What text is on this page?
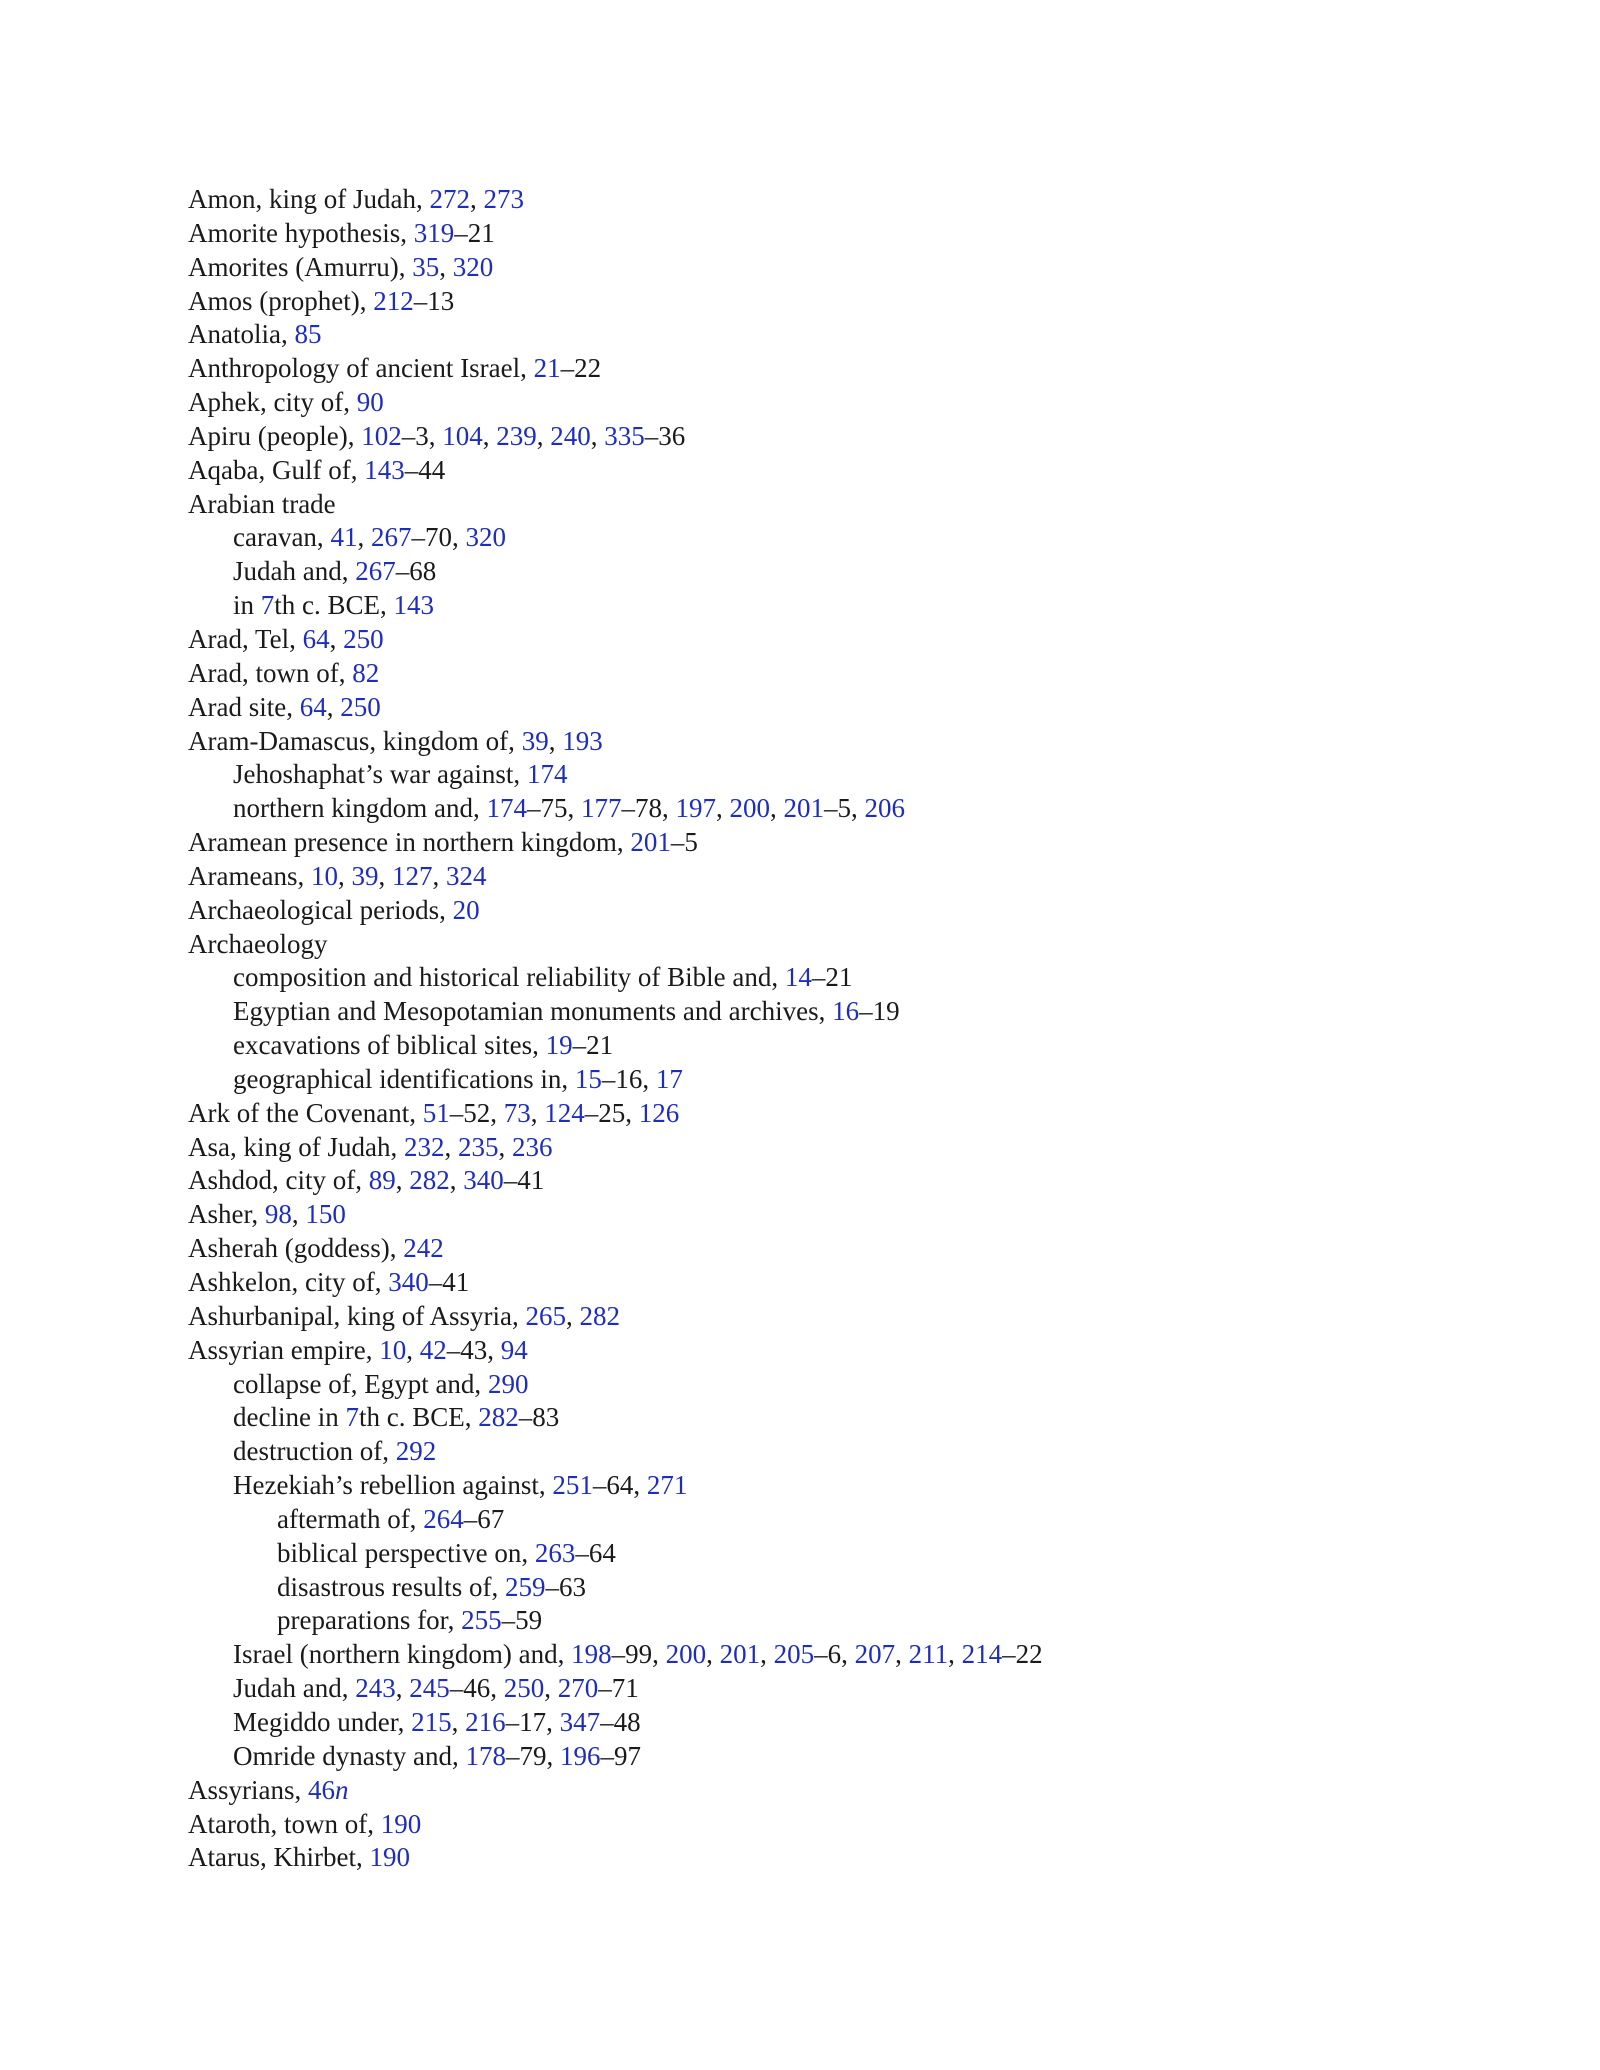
Amon, king of Judah, 272, 273
Amorite hypothesis, 319–21
Amorites (Amurru), 35, 320
Amos (prophet), 212–13
Anatolia, 85
Anthropology of ancient Israel, 21–22
Aphek, city of, 90
Apiru (people), 102–3, 104, 239, 240, 335–36
Aqaba, Gulf of, 143–44
Arabian trade
caravan, 41, 267–70, 320
Judah and, 267–68
in 7th c. BCE, 143
Arad, Tel, 64, 250
Arad, town of, 82
Arad site, 64, 250
Aram-Damascus, kingdom of, 39, 193
Jehoshaphat’s war against, 174
northern kingdom and, 174–75, 177–78, 197, 200, 201–5, 206
Aramean presence in northern kingdom, 201–5
Arameans, 10, 39, 127, 324
Archaeological periods, 20
Archaeology
composition and historical reliability of Bible and, 14–21
Egyptian and Mesopotamian monuments and archives, 16–19
excavations of biblical sites, 19–21
geographical identifications in, 15–16, 17
Ark of the Covenant, 51–52, 73, 124–25, 126
Asa, king of Judah, 232, 235, 236
Ashdod, city of, 89, 282, 340–41
Asher, 98, 150
Asherah (goddess), 242
Ashkelon, city of, 340–41
Ashurbanipal, king of Assyria, 265, 282
Assyrian empire, 10, 42–43, 94
collapse of, Egypt and, 290
decline in 7th c. BCE, 282–83
destruction of, 292
Hezekiah’s rebellion against, 251–64, 271
aftermath of, 264–67
biblical perspective on, 263–64
disastrous results of, 259–63
preparations for, 255–59
Israel (northern kingdom) and, 198–99, 200, 201, 205–6, 207, 211, 214–22
Judah and, 243, 245–46, 250, 270–71
Megiddo under, 215, 216–17, 347–48
Omride dynasty and, 178–79, 196–97
Assyrians, 46n
Ataroth, town of, 190
Atarus, Khirbet, 190
